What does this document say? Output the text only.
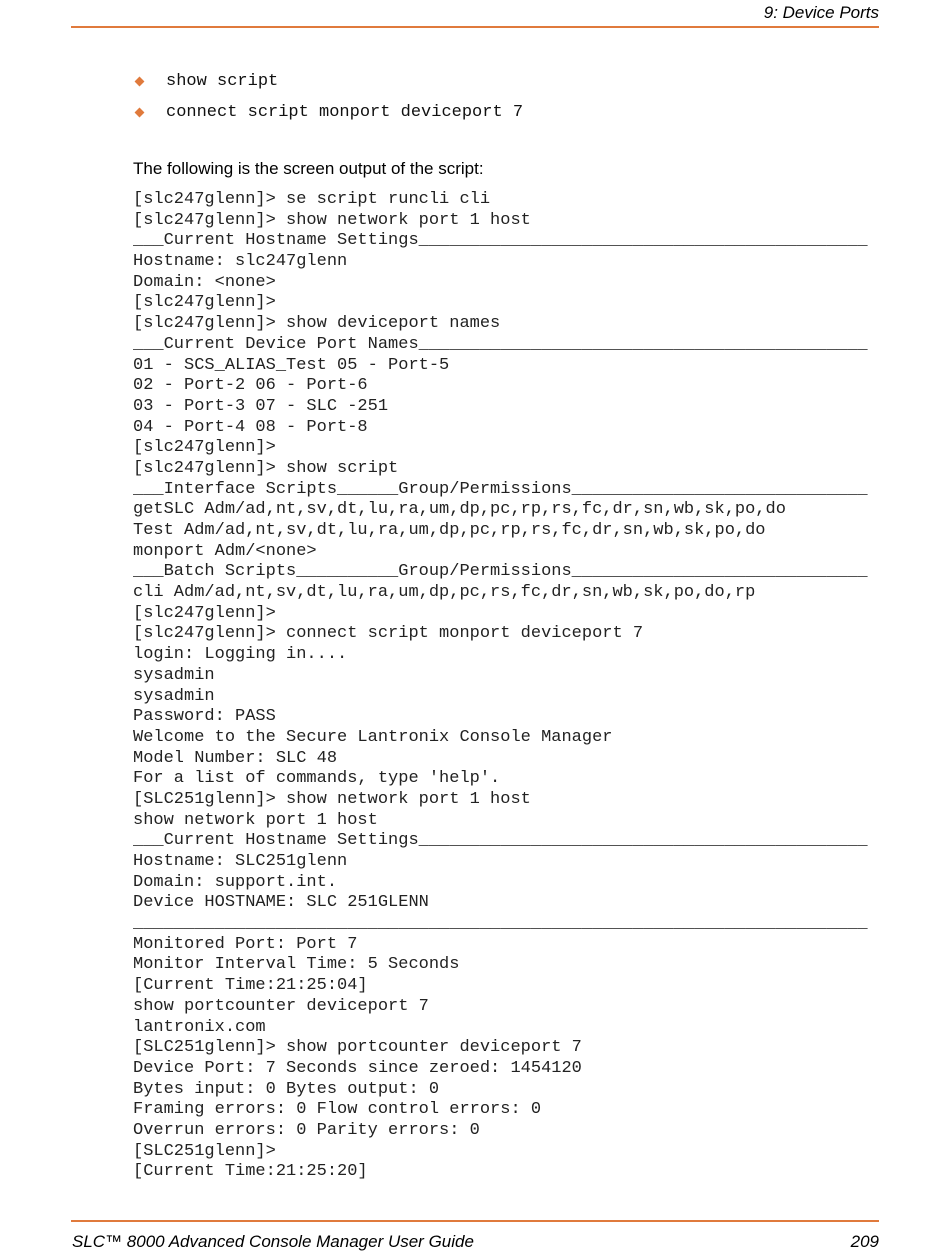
9: Device Ports
show script
connect script monport deviceport 7
The following is the screen output of the script:
[slc247glenn]> se script runcli cli
[slc247glenn]> show network port 1 host
___Current Hostname Settings____________________________________________
Hostname: slc247glenn
Domain: <none>
[slc247glenn]>
[slc247glenn]> show deviceport names
___Current Device Port Names____________________________________________
01 - SCS_ALIAS_Test 05 - Port-5
02 - Port-2 06 - Port-6
03 - Port-3 07 - SLC -251
04 - Port-4 08 - Port-8
[slc247glenn]>
[slc247glenn]> show script
___Interface Scripts______Group/Permissions_____________________________
getSLC Adm/ad,nt,sv,dt,lu,ra,um,dp,pc,rp,rs,fc,dr,sn,wb,sk,po,do
Test Adm/ad,nt,sv,dt,lu,ra,um,dp,pc,rp,rs,fc,dr,sn,wb,sk,po,do
monport Adm/<none>
___Batch Scripts__________Group/Permissions_____________________________
cli Adm/ad,nt,sv,dt,lu,ra,um,dp,pc,rs,fc,dr,sn,wb,sk,po,do,rp
[slc247glenn]>
[slc247glenn]> connect script monport deviceport 7
login: Logging in....
sysadmin
sysadmin
Password: PASS
Welcome to the Secure Lantronix Console Manager
Model Number: SLC 48
For a list of commands, type 'help'.
[SLC251glenn]> show network port 1 host
show network port 1 host
___Current Hostname Settings____________________________________________
Hostname: SLC251glenn
Domain: support.int.
Device HOSTNAME: SLC 251GLENN
________________________________________________________________________
Monitored Port: Port 7
Monitor Interval Time: 5 Seconds
[Current Time:21:25:04]
show portcounter deviceport 7
lantronix.com
[SLC251glenn]> show portcounter deviceport 7
Device Port: 7 Seconds since zeroed: 1454120
Bytes input: 0 Bytes output: 0
Framing errors: 0 Flow control errors: 0
Overrun errors: 0 Parity errors: 0
[SLC251glenn]>
[Current Time:21:25:20]
SLC™ 8000 Advanced Console Manager User Guide	209
